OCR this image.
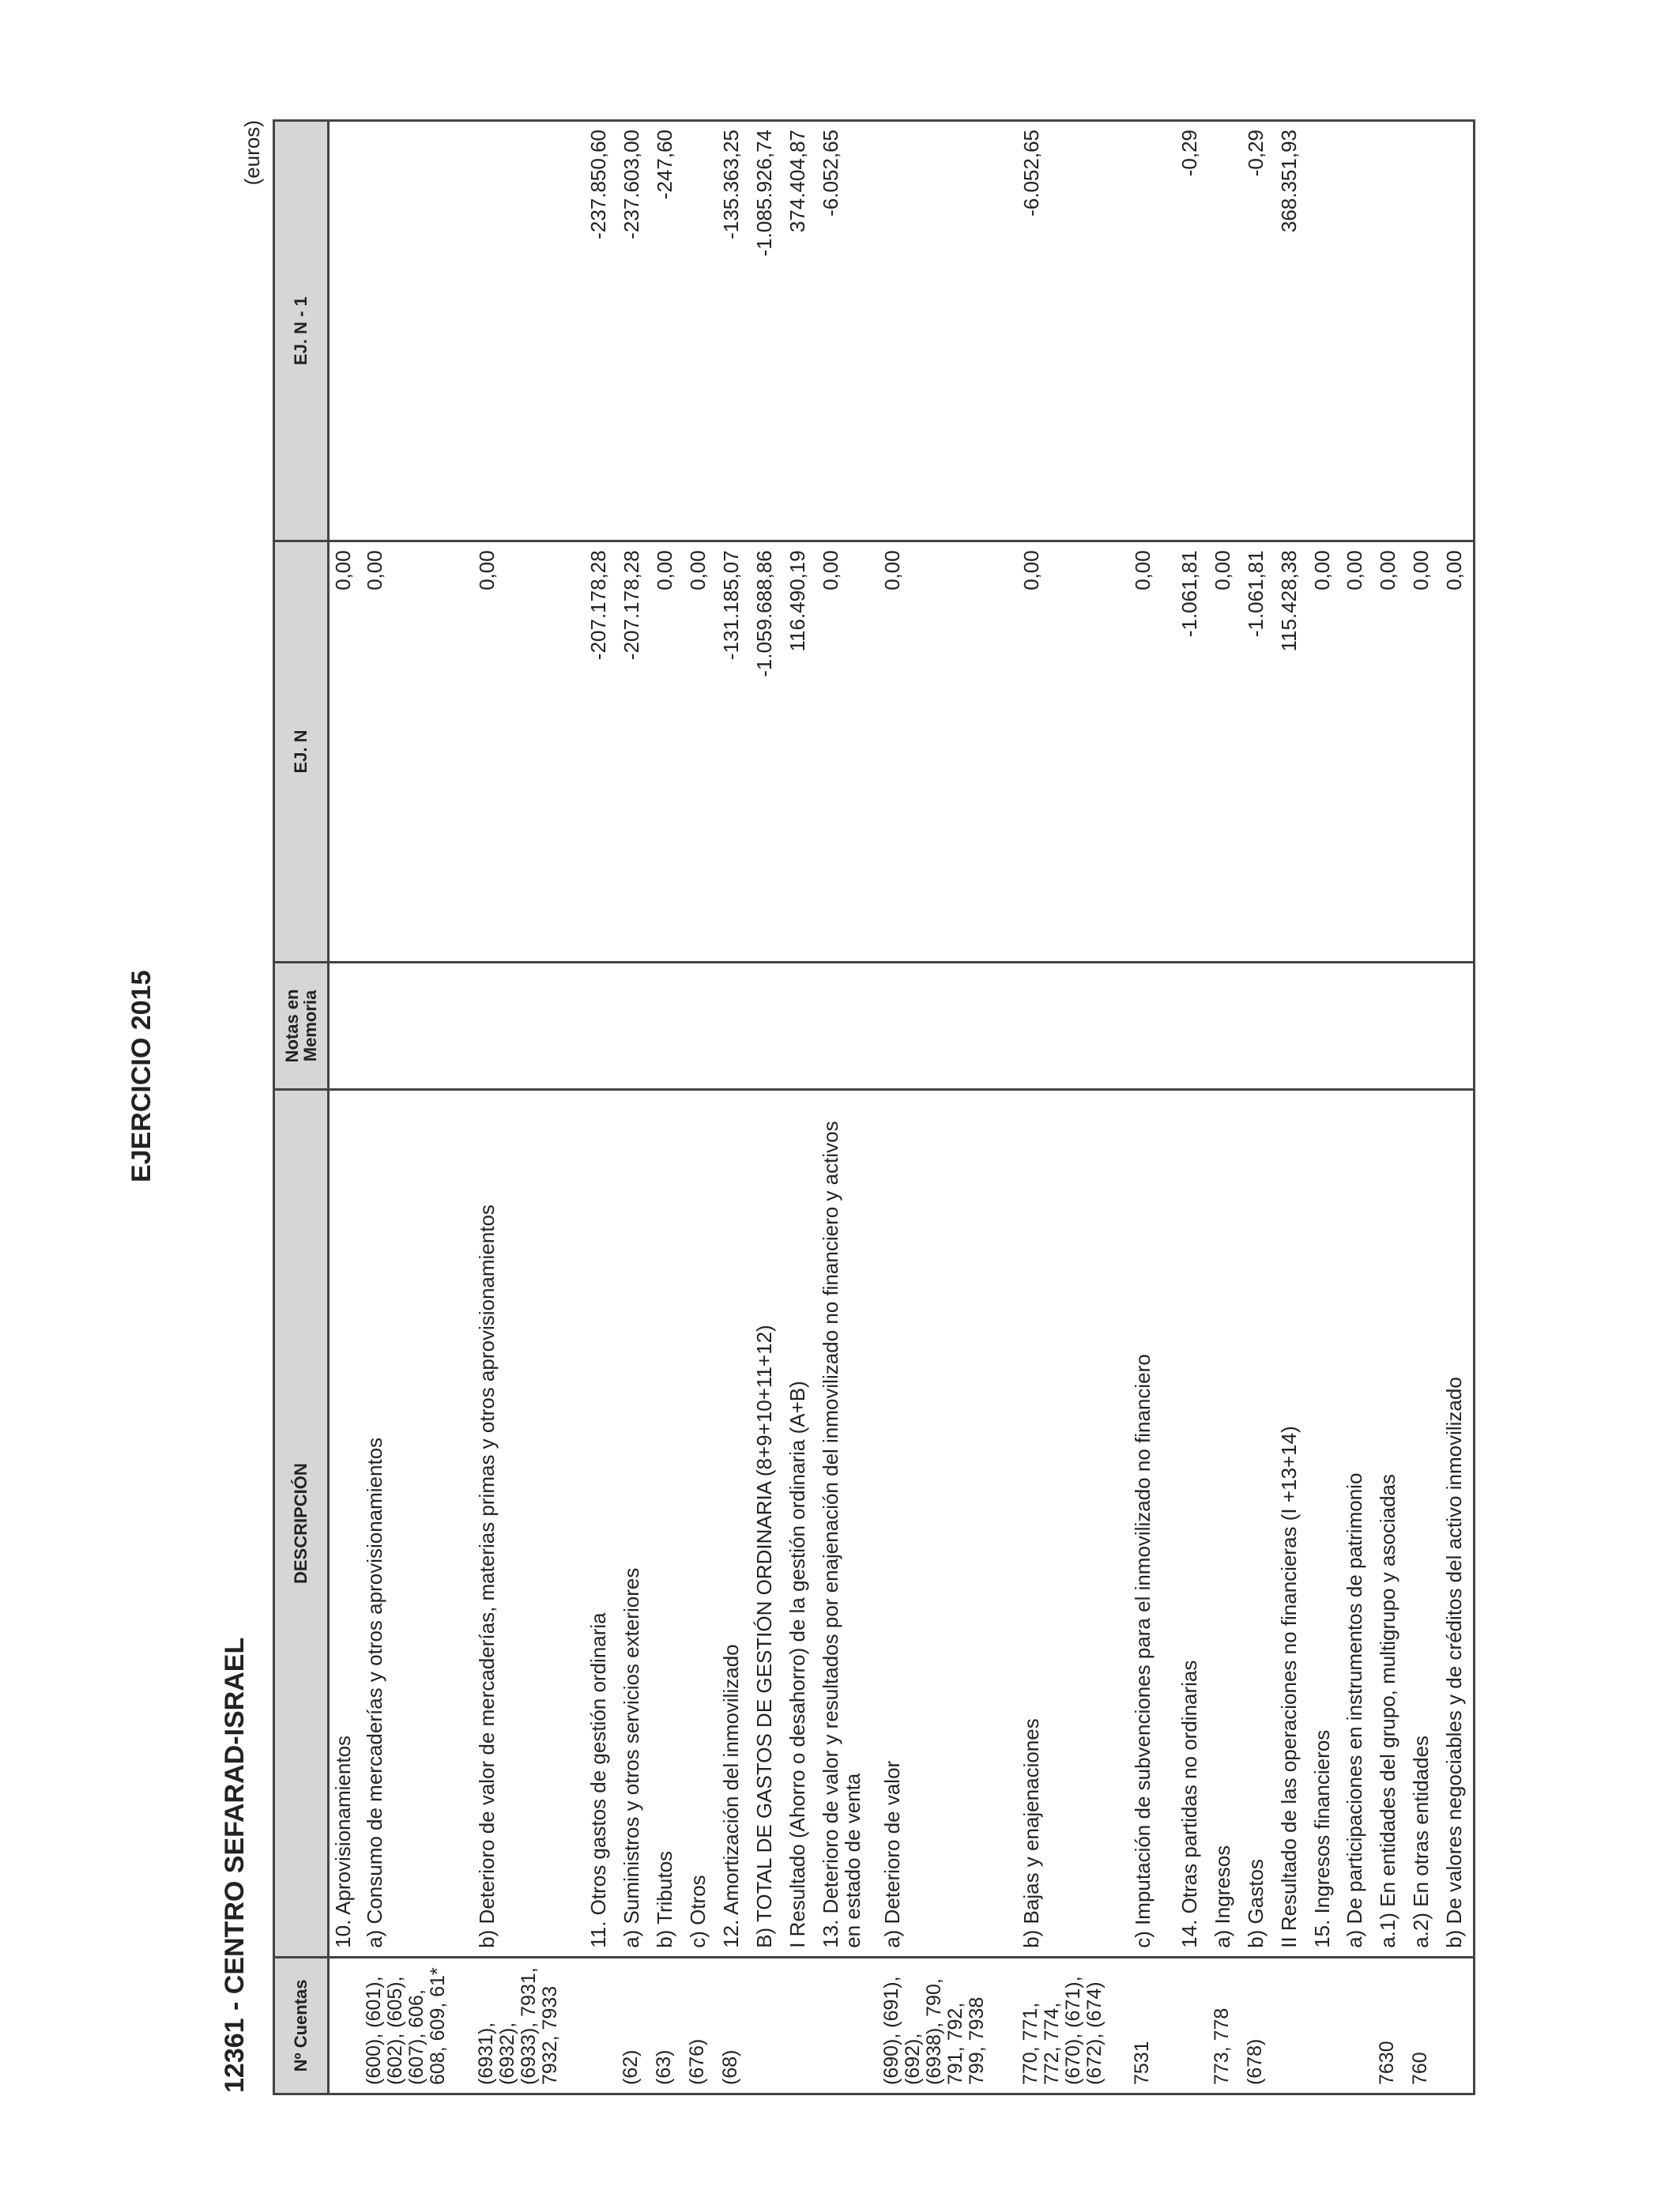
12361 - CENTRO SEFARAD-ISRAEL
EJERCICIO 2015
(euros)
Nº Cuentas	DESCRIPCIÓN	Notas en Memoria	EJ. N	EJ. N - 1
	10. Aprovisionamientos		0,00	
(600), (601), (602), (605), (607), 606, 608, 609, 61*	a) Consumo de mercaderías y otros aprovisionamientos		0,00	
(6931), (6932), (6933), 7931, 7932, 7933	b) Deterioro de valor de mercaderías, materias primas y otros aprovisionamientos		0,00	
	11. Otros gastos de gestión ordinaria		-207.178,28	-237.850,60
(62)	a) Suministros y otros servicios exteriores		-207.178,28	-237.603,00
(63)	b) Tributos		0,00	-247,60
(676)	c) Otros		0,00	
(68)	12. Amortización del inmovilizado		-131.185,07	-135.363,25
	B) TOTAL DE GASTOS DE GESTIÓN ORDINARIA (8+9+10+11+12)		-1.059.688,86	-1.085.926,74
	I Resultado (Ahorro o desahorro) de la gestión ordinaria (A+B)		116.490,19	374.404,87
	13. Deterioro de valor y resultados por enajenación del inmovilizado no financiero y activos en estado de venta		0,00	-6.052,65
(690), (691), (692), (6938), 790, 791, 792, 799, 7938	a) Deterioro de valor		0,00	
770, 771, 772, 774, (670), (671), (672), (674)	b) Bajas y enajenaciones		0,00	-6.052,65
7531	c) Imputación de subvenciones para el inmovilizado no financiero		0,00	
	14. Otras partidas no ordinarias		-1.061,81	-0,29
773, 778	a) Ingresos		0,00	
(678)	b) Gastos		-1.061,81	-0,29
	II Resultado de las operaciones no financieras (I +13+14)		115.428,38	368.351,93
	15. Ingresos financieros		0,00	
	a) De participaciones en instrumentos de patrimonio		0,00	
7630	a.1) En entidades del grupo, multigrupo y asociadas		0,00	
760	a.2) En otras entidades		0,00	
	b) De valores negociables y de créditos del activo inmovilizado		0,00	
